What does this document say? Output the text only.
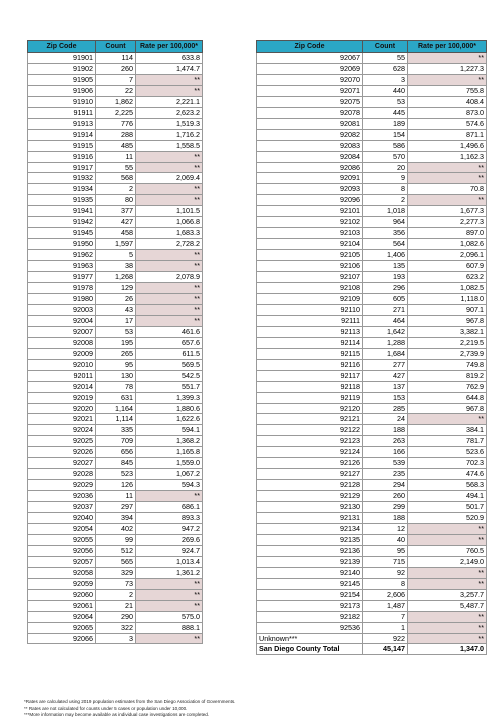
Zip Code	Count	Rate per 100,000*
91901	114	633.8
91902	260	1,474.7
91905	7	**
91906	22	**
91910	1,862	2,221.1
91911	2,225	2,623.2
91913	776	1,519.3
91914	288	1,716.2
91915	485	1,558.5
91916	11	**
91917	55	**
91932	568	2,069.4
91934	2	**
91935	80	**
91941	377	1,101.5
91942	427	1,066.8
91945	458	1,683.3
91950	1,597	2,728.2
91962	5	**
91963	38	**
91977	1,268	2,078.9
91978	129	**
91980	26	**
92003	43	**
92004	17	**
92007	53	461.6
92008	195	657.6
92009	265	611.5
92010	95	569.5
92011	130	542.5
92014	78	551.7
92019	631	1,399.3
92020	1,164	1,880.6
92021	1,114	1,622.6
92024	335	594.1
92025	709	1,368.2
92026	656	1,165.8
92027	845	1,559.0
92028	523	1,067.2
92029	126	594.3
92036	11	**
92037	297	686.1
92040	394	893.3
92054	402	947.2
92055	99	269.6
92056	512	924.7
92057	565	1,013.4
92058	329	1,361.2
92059	73	**
92060	2	**
92061	21	**
92064	290	575.0
92065	322	888.1
92066	3	**
Zip Code	Count	Rate per 100,000*
92067	55	**
92069	628	1,227.3
92070	3	**
92071	440	755.8
92075	53	408.4
92078	445	873.0
92081	189	574.6
92082	154	871.1
92083	586	1,496.6
92084	570	1,162.3
92086	20	**
92091	9	**
92093	8	70.8
92096	2	**
92101	1,018	1,677.3
92102	964	2,277.3
92103	356	897.0
92104	564	1,082.6
92105	1,406	2,096.1
92106	135	607.9
92107	193	623.2
92108	296	1,082.5
92109	605	1,118.0
92110	271	907.1
92111	464	967.8
92113	1,642	3,382.1
92114	1,288	2,219.5
92115	1,684	2,739.9
92116	277	749.8
92117	427	819.2
92118	137	762.9
92119	153	644.8
92120	285	967.8
92121	24	**
92122	188	384.1
92123	263	781.7
92124	166	523.6
92126	539	702.3
92127	235	474.6
92128	294	568.3
92129	260	494.1
92130	299	501.7
92131	188	520.9
92134	12	**
92135	40	**
92136	95	760.5
92139	715	2,149.0
92140	92	**
92145	8	**
92154	2,606	3,257.7
92173	1,487	5,487.7
92182	7	**
92536	1	**
Unknown***	922	**
San Diego County Total	45,147	1,347.0
*Rates are calculated using 2019 population estimates from the San Diego Association of Governments.
** Rates are not calculated for counts under 5 cases or population under 10,000.
***More information may become available as individual case investigations are completed.
